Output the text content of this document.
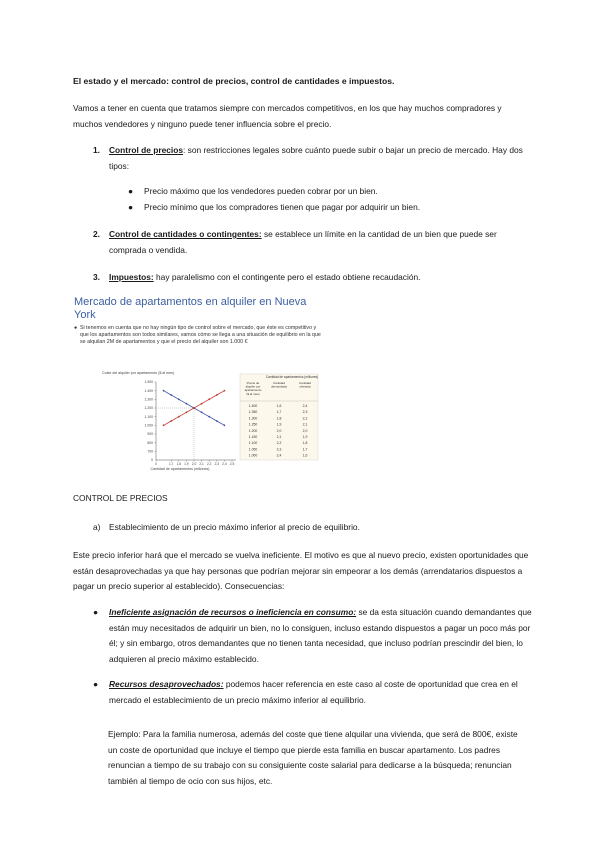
El estado y el mercado: control de precios, control de cantidades e impuestos.

Vamos a tener en cuenta que tratamos siempre con mercados competitivos, en los que hay muchos compradores y muchos vendedores y ninguno puede tener influencia sobre el precio.

1. Control de precios: son restricciones legales sobre cuánto puede subir o bajar un precio de mercado. Hay dos tipos:
● Precio máximo que los vendedores pueden cobrar por un bien.
● Precio mínimo que los compradores tienen que pagar por adquirir un bien.
2. Control de cantidades o contingentes: se establece un límite en la cantidad de un bien que puede ser comprada o vendida.
3. Impuestos: hay paralelismo con el contingente pero el estado obtiene recaudación.
Mercado de apartamentos en alquiler en Nueva York
● Si tenemos en cuenta que no hay ningún tipo de control sobre el mercado, que éste es competitivo y que los apartamentos son todos similares, vamos cómo se llega a una situación de equilibrio en la que se alquilan 2M de apartamentos y que el precio del alquiler son 1.000 €
Coste del alquiler por apartamento ($ al mes)
1.500
1.400
1.300
1.200
1.100
1.000
900
800
700
0
0	1,7 1,8 1,9 2,0 2,1 2,2 2,3 2,4 2,5
Cantidad de apartamentos (millones)
Cantidad de apartamentos (millones)
Precio de
alquiler por
apartamento
($ al mes)
Cantidad
demandada
Cantidad
ofertada
1.400	1,6	2,4
1.350	1,7	2,3
1.300	1,8	2,2
1.250	1,9	2,1
1.200	2,0	2,0
1.150	2,1	1,9
1.100	2,2	1,8
1.050	2,3	1,7
1.000	2,4	1,6

CONTROL DE PRECIOS

a) Establecimiento de un precio máximo inferior al precio de equilibrio.

Este precio inferior hará que el mercado se vuelva ineficiente. El motivo es que al nuevo precio, existen oportunidades que están desaprovechadas ya que hay personas que podrían mejorar sin empeorar a los demás (arrendatarios dispuestos a pagar un precio superior al establecido). Consecuencias:

● Ineficiente asignación de recursos o ineficiencia en consumo: se da esta situación cuando demandantes que están muy necesitados de adquirir un bien, no lo consiguen, incluso estando dispuestos a pagar un poco más por él; y sin embargo, otros demandantes que no tienen tanta necesidad, que incluso podrían prescindir del bien, lo adquieren al precio máximo establecido.
● Recursos desaprovechados: podemos hacer referencia en este caso al coste de oportunidad que crea en el mercado el establecimiento de un precio máximo inferior al equilibrio.

Ejemplo: Para la familia numerosa, además del coste que tiene alquilar una vivienda, que será de 800€, existe un coste de oportunidad que incluye el tiempo que pierde esta familia en buscar apartamento. Los padres renuncian a tiempo de su trabajo con su consiguiente coste salarial para dedicarse a la búsqueda; renuncian también al tiempo de ocio con sus hijos, etc.
